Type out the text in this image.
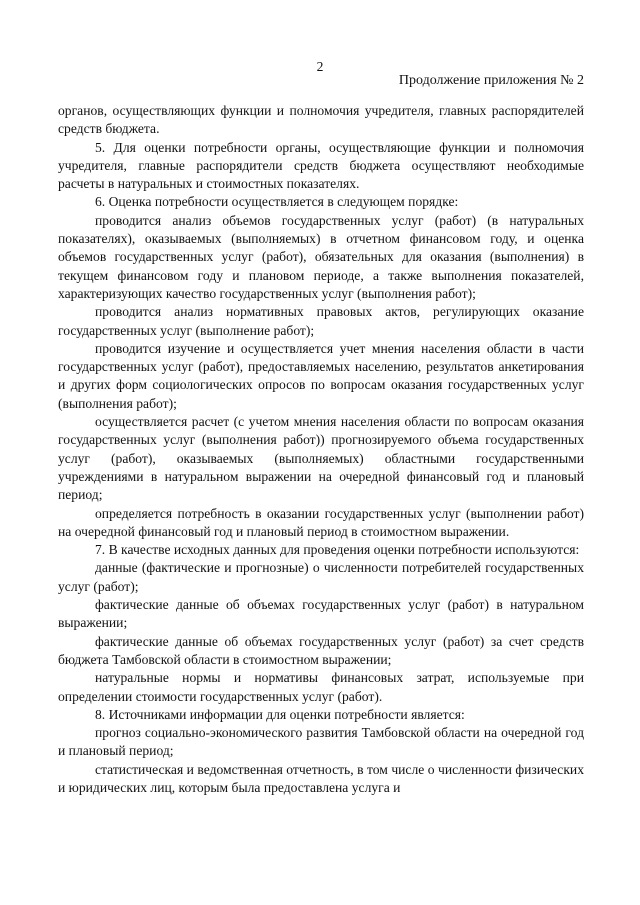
2
Продолжение приложения № 2

органов, осуществляющих функции и полномочия учредителя, главных распорядителей средств бюджета.

5. Для оценки потребности органы, осуществляющие функции и полномочия учредителя, главные распорядители средств бюджета осуществляют необходимые расчеты в натуральных и стоимостных показателях.

6. Оценка потребности осуществляется в следующем порядке:

проводится анализ объемов государственных услуг (работ) (в натуральных показателях), оказываемых (выполняемых) в отчетном финансовом году, и оценка объемов государственных услуг (работ), обязательных для оказания (выполнения) в текущем финансовом году и плановом периоде, а также выполнения показателей, характеризующих качество государственных услуг (выполнения работ);

проводится анализ нормативных правовых актов, регулирующих оказание государственных услуг (выполнение работ);

проводится изучение и осуществляется учет мнения населения области в части государственных услуг (работ), предоставляемых населению, результатов анкетирования и других форм социологических опросов по вопросам оказания государственных услуг (выполнения работ);

осуществляется расчет (с учетом мнения населения области по вопросам оказания государственных услуг (выполнения работ)) прогнозируемого объема государственных услуг (работ), оказываемых (выполняемых) областными государственными учреждениями в натуральном выражении на очередной финансовый год и плановый период;

определяется потребность в оказании государственных услуг (выполнении работ) на очередной финансовый год и плановый период в стоимостном выражении.

7. В качестве исходных данных для проведения оценки потребности используются:

данные (фактические и прогнозные) о численности потребителей государственных услуг (работ);

фактические данные об объемах государственных услуг (работ) в натуральном выражении;

фактические данные об объемах государственных услуг (работ) за счет средств бюджета Тамбовской области в стоимостном выражении;

натуральные нормы и нормативы финансовых затрат, используемые при определении стоимости государственных услуг (работ).

8. Источниками информации для оценки потребности является:

прогноз социально-экономического развития Тамбовской области на очередной год и плановый период;

статистическая и ведомственная отчетность, в том числе о численности физических и юридических лиц, которым была предоставлена услуга и
